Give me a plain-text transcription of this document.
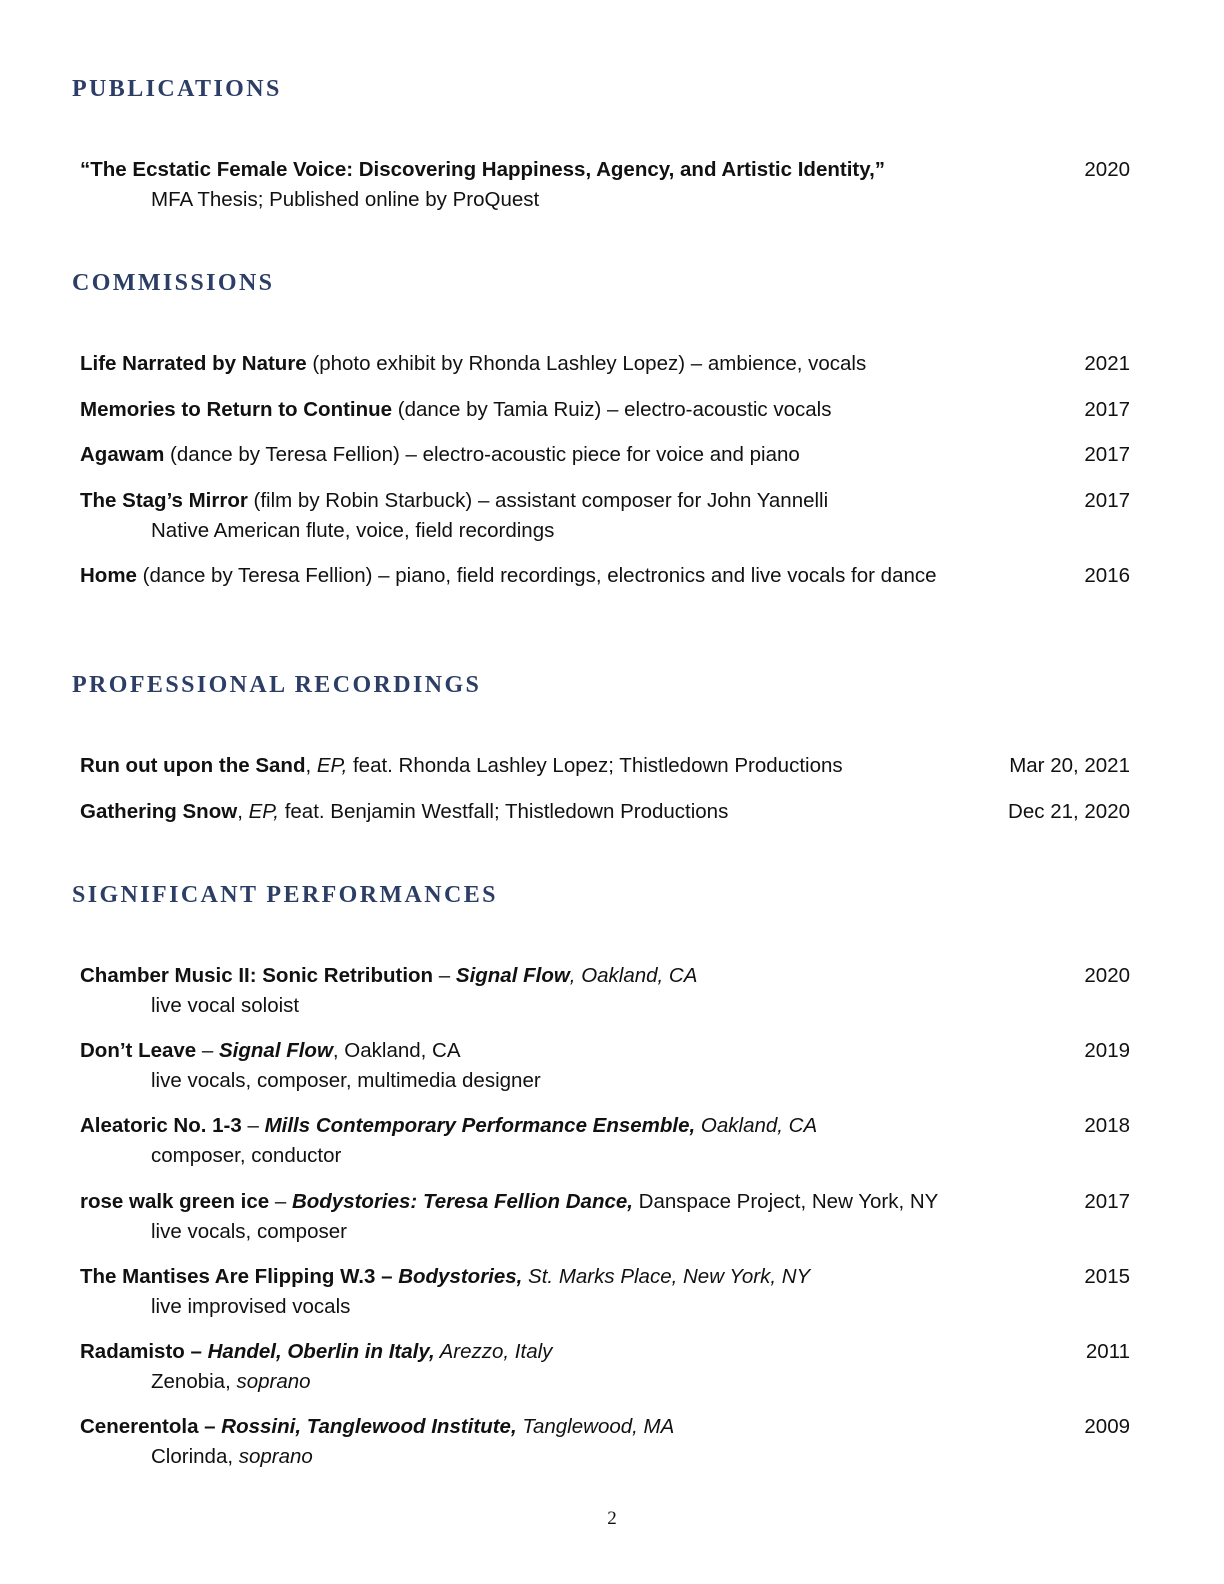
PUBLICATIONS
“The Ecstatic Female Voice: Discovering Happiness, Agency, and Artistic Identity,”	2020
MFA Thesis; Published online by ProQuest
COMMISSIONS
Life Narrated by Nature (photo exhibit by Rhonda Lashley Lopez) – ambience, vocals	2021
Memories to Return to Continue (dance by Tamia Ruiz) – electro-acoustic vocals	2017
Agawam (dance by Teresa Fellion) – electro-acoustic piece for voice and piano	2017
The Stag’s Mirror (film by Robin Starbuck) – assistant composer for John Yannelli	2017
Native American flute, voice, field recordings
Home (dance by Teresa Fellion) – piano, field recordings, electronics and live vocals for dance	2016
PROFESSIONAL RECORDINGS
Run out upon the Sand, EP, feat. Rhonda Lashley Lopez; Thistledown Productions	Mar 20, 2021
Gathering Snow, EP, feat. Benjamin Westfall; Thistledown Productions	Dec 21, 2020
SIGNIFICANT PERFORMANCES
Chamber Music II: Sonic Retribution – Signal Flow, Oakland, CA	2020
live vocal soloist
Don’t Leave – Signal Flow, Oakland, CA	2019
live vocals, composer, multimedia designer
Aleatoric No. 1-3 – Mills Contemporary Performance Ensemble, Oakland, CA	2018
composer, conductor
rose walk green ice – Bodystories: Teresa Fellion Dance, Danspace Project, New York, NY	2017
live vocals, composer
The Mantises Are Flipping W.3 – Bodystories, St. Marks Place, New York, NY	2015
live improvised vocals
Radamisto – Handel, Oberlin in Italy, Arezzo, Italy	2011
Zenobia, soprano
Cenerentola – Rossini, Tanglewood Institute, Tanglewood, MA	2009
Clorinda, soprano
2
